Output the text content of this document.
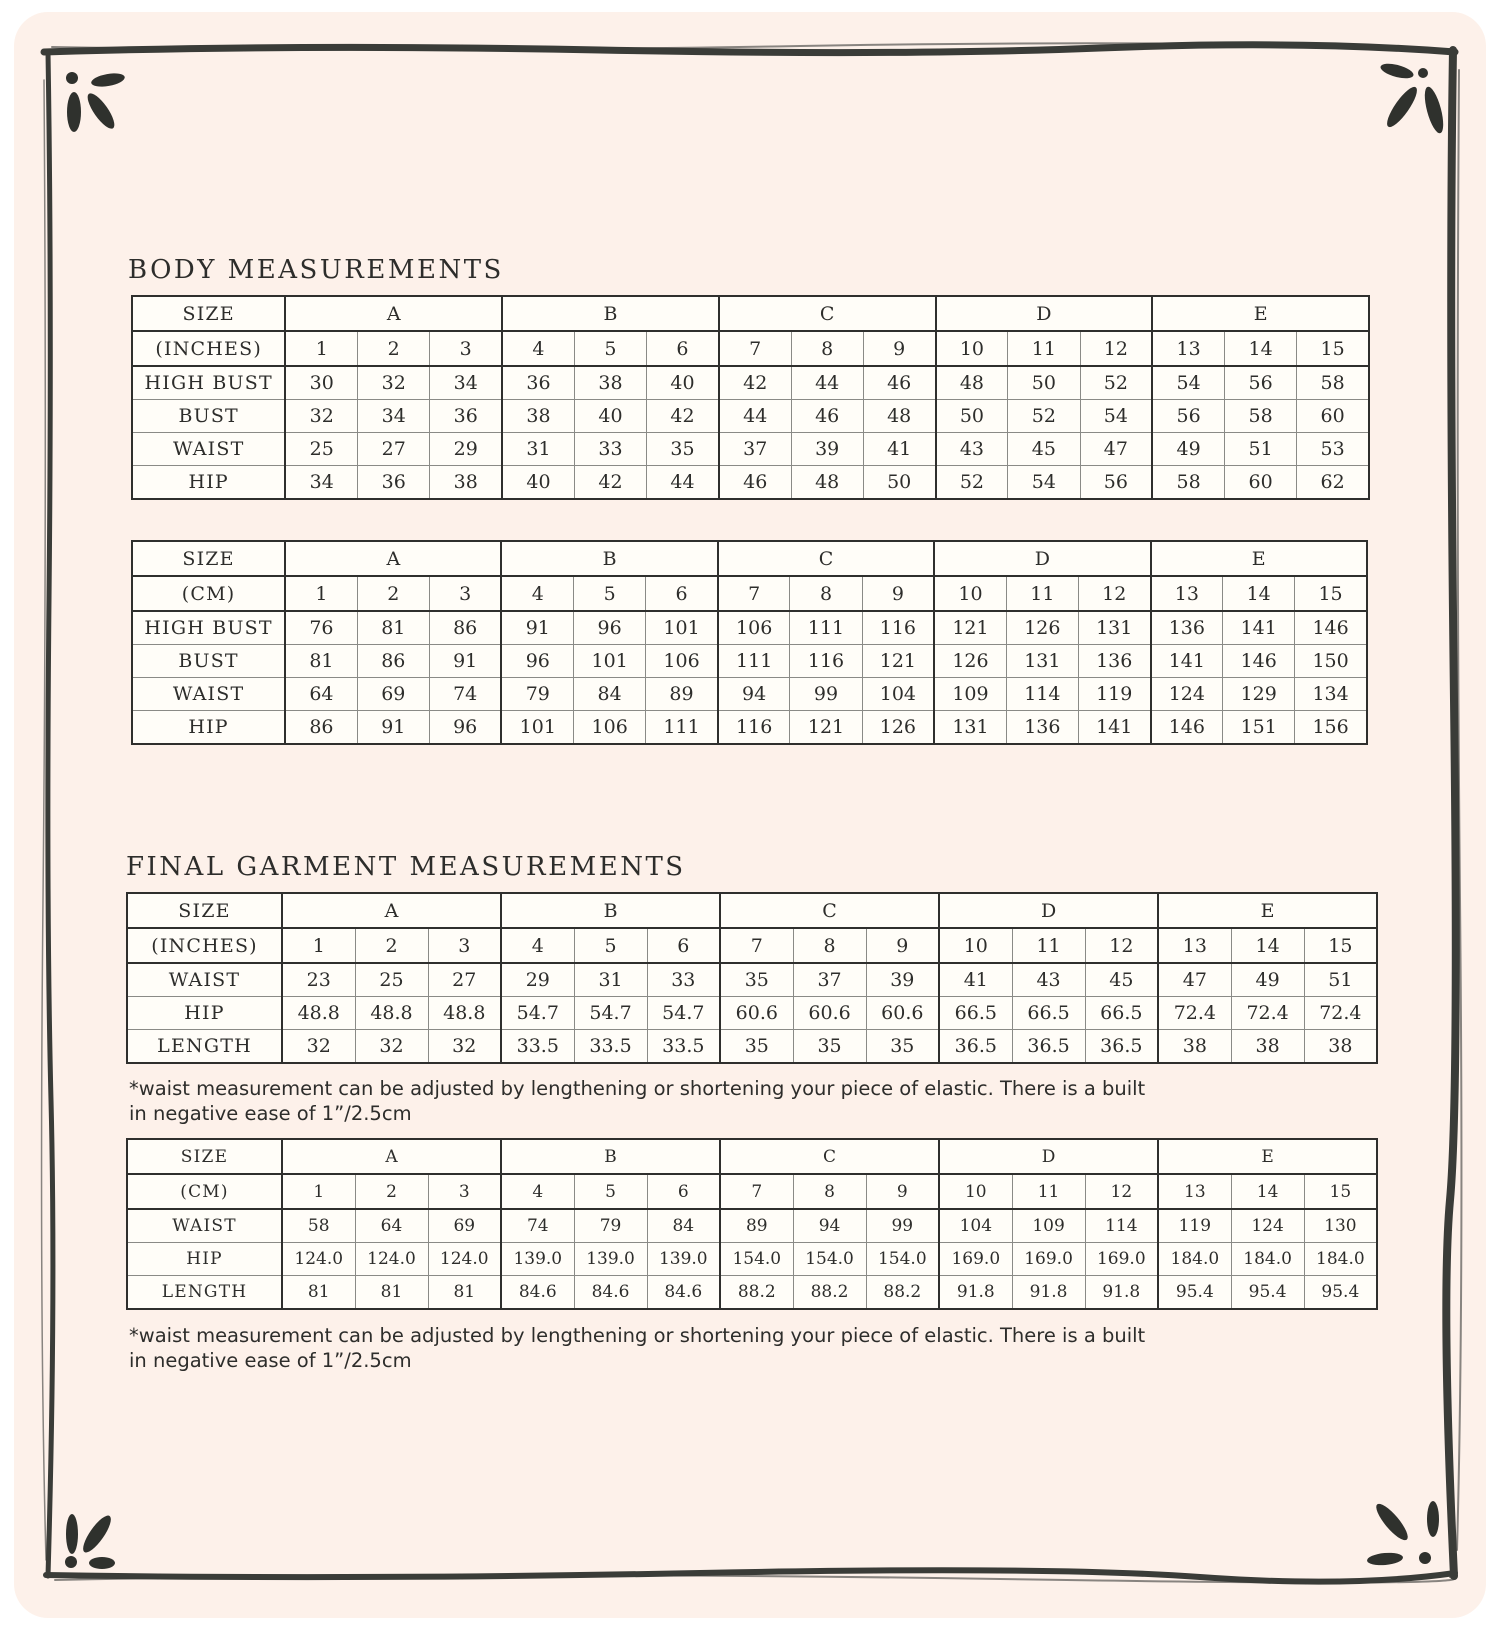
BODY MEASUREMENTS
SIZE	A			B			C			D			E		
(INCHES)	1	2	3	4	5	6	7	8	9	10	11	12	13	14	15
HIGH BUST	30	32	34	36	38	40	42	44	46	48	50	52	54	56	58
BUST	32	34	36	38	40	42	44	46	48	50	52	54	56	58	60
WAIST	25	27	29	31	33	35	37	39	41	43	45	47	49	51	53
HIP	34	36	38	40	42	44	46	48	50	52	54	56	58	60	62
SIZE	A			B			C			D			E		
(CM)	1	2	3	4	5	6	7	8	9	10	11	12	13	14	15
HIGH BUST	76	81	86	91	96	101	106	111	116	121	126	131	136	141	146
BUST	81	86	91	96	101	106	111	116	121	126	131	136	141	146	150
WAIST	64	69	74	79	84	89	94	99	104	109	114	119	124	129	134
HIP	86	91	96	101	106	111	116	121	126	131	136	141	146	151	156
FINAL GARMENT MEASUREMENTS
SIZE	A			B			C			D			E		
(INCHES)	1	2	3	4	5	6	7	8	9	10	11	12	13	14	15
WAIST	23	25	27	29	31	33	35	37	39	41	43	45	47	49	51
HIP	48.8	48.8	48.8	54.7	54.7	54.7	60.6	60.6	60.6	66.5	66.5	66.5	72.4	72.4	72.4
LENGTH	32	32	32	33.5	33.5	33.5	35	35	35	36.5	36.5	36.5	38	38	38

*waist measurement can be adjusted by lengthening or shortening your piece of elastic. There is a built in negative ease of 1”/2.5cm

SIZE	A			B			C			D			E		
(CM)	1	2	3	4	5	6	7	8	9	10	11	12	13	14	15
WAIST	58	64	69	74	79	84	89	94	99	104	109	114	119	124	130
HIP	124.0	124.0	124.0	139.0	139.0	139.0	154.0	154.0	154.0	169.0	169.0	169.0	184.0	184.0	184.0
LENGTH	81	81	81	84.6	84.6	84.6	88.2	88.2	88.2	91.8	91.8	91.8	95.4	95.4	95.4

*waist measurement can be adjusted by lengthening or shortening your piece of elastic. There is a built in negative ease of 1”/2.5cm
